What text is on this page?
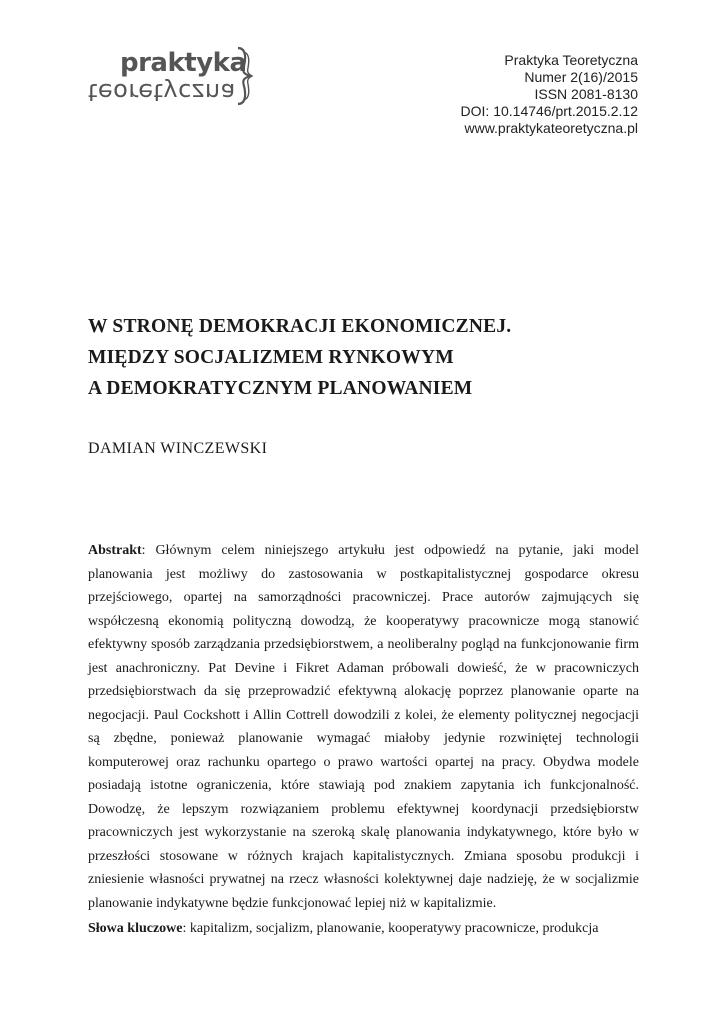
praktyka
teoretyczna
Praktyka Teoretyczna
Numer 2(16)/2015
ISSN 2081-8130
DOI: 10.14746/prt.2015.2.12
www.praktykateoretyczna.pl
W STRONĘ DEMOKRACJI EKONOMICZNEJ.
MIĘDZY SOCJALIZMEM RYNKOWYM
A DEMOKRATYCZNYM PLANOWANIEM
DAMIAN WINCZEWSKI
Abstrakt: Głównym celem niniejszego artykułu jest odpowiedź na pytanie, jaki model planowania jest możliwy do zastosowania w postkapitalistycznej gospodarce okresu przejściowego, opartej na samorządności pracowniczej. Prace autorów zajmujących się współczesną ekonomią polityczną dowodzą, że kooperatywy pracownicze mogą stanowić efektywny sposób zarządzania przedsiębiorstwem, a neoliberalny pogląd na funkcjonowanie firm jest anachroniczny. Pat Devine i Fikret Adaman próbowali dowieść, że w pracowniczych przedsiębiorstwach da się przeprowadzić efektywną alokację poprzez planowanie oparte na negocjacji. Paul Cockshott i Allin Cottrell dowodzili z kolei, że elementy politycznej negocjacji są zbędne, ponieważ planowanie wymagać miałoby jedynie rozwiniętej technologii komputerowej oraz rachunku opartego o prawo wartości opartej na pracy. Obydwa modele posiadają istotne ograniczenia, które stawiają pod znakiem zapytania ich funkcjonalność. Dowodzę, że lepszym rozwiązaniem problemu efektywnej koordynacji przedsiębiorstw pracowniczych jest wykorzystanie na szeroką skalę planowania indykatywnego, które było w przeszłości stosowane w różnych krajach kapitalistycznych. Zmiana sposobu produkcji i zniesienie własności prywatnej na rzecz własności kolektywnej daje nadzieję, że w socjalizmie planowanie indykatywne będzie funkcjonować lepiej niż w kapitalizmie.
Słowa kluczowe: kapitalizm, socjalizm, planowanie, kooperatywy pracownicze, produkcja
